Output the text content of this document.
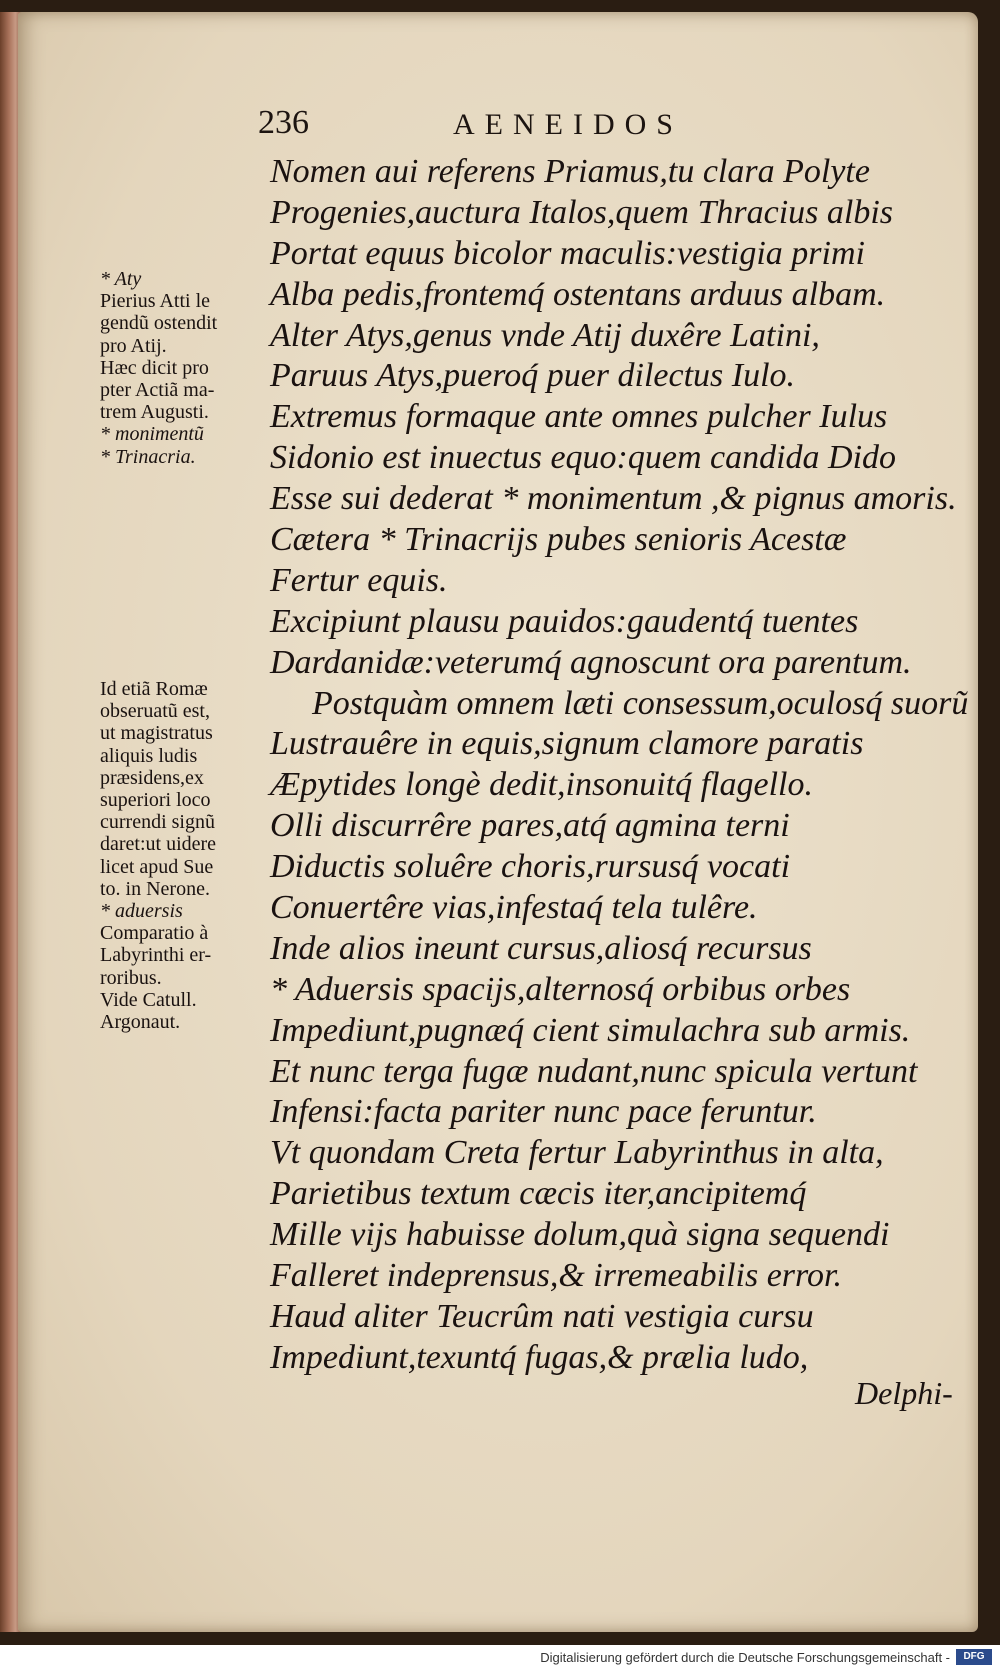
236	AENEIDOS
* Aty
Pierius Atti le
gendũ ostendit
pro Atij.
Hæc dicit pro
pter Actiã ma-
trem Augusti.
* monimentũ
* Trinacria.
Id etiã Romæ
obseruatũ est,
ut magistratus
aliquis ludis
præsidens,ex
superiori loco
currendi signũ
daret:ut uidere
licet apud Sue
to. in Nerone.
* aduersis
Comparatio à
Labyrinthi er-
roribus.
Vide Catull.
Argonaut.
Nomen aui referens Priamus,tu clara Polyte
Progenies,auctura Italos,quem Thracius albis
Portat equus bicolor maculis:vestigia primi
Alba pedis,frontemq́ ostentans arduus albam.
Alter Atys,genus vnde Atij duxêre Latini,
Paruus Atys,pueroq́ puer dilectus Iulo.
Extremus formaque ante omnes pulcher Iulus
Sidonio est inuectus equo:quem candida Dido
Esse sui dederat * monimentum ,& pignus amoris.
Cætera * Trinacrijs pubes senioris Acestæ
Fertur equis.
Excipiunt plausu pauidos:gaudentq́ tuentes
Dardanidæ:veterumq́ agnoscunt ora parentum.
Postquàm omnem læti consessum,oculosq́ suorũ
Lustrauêre in equis,signum clamore paratis
Æpytides longè dedit,insonuitq́ flagello.
Olli discurrêre pares,atq́ agmina terni
Diductis soluêre choris,rursusq́ vocati
Conuertêre vias,infestaq́ tela tulêre.
Inde alios ineunt cursus,aliosq́ recursus
* Aduersis spacijs,alternosq́ orbibus orbes
Impediunt,pugnæq́ cient simulachra sub armis.
Et nunc terga fugæ nudant,nunc spicula vertunt
Infensi:facta pariter nunc pace feruntur.
Vt quondam Creta fertur Labyrinthus in alta,
Parietibus textum cæcis iter,ancipitemq́
Mille vijs habuisse dolum,quà signa sequendi
Falleret indeprensus,& irremeabilis error.
Haud aliter Teucrûm nati vestigia cursu
Impediunt,texuntq́ fugas,& prælia ludo,
Delphi-
Digitalisierung gefördert durch die Deutsche Forschungsgemeinschaft -	DFG
